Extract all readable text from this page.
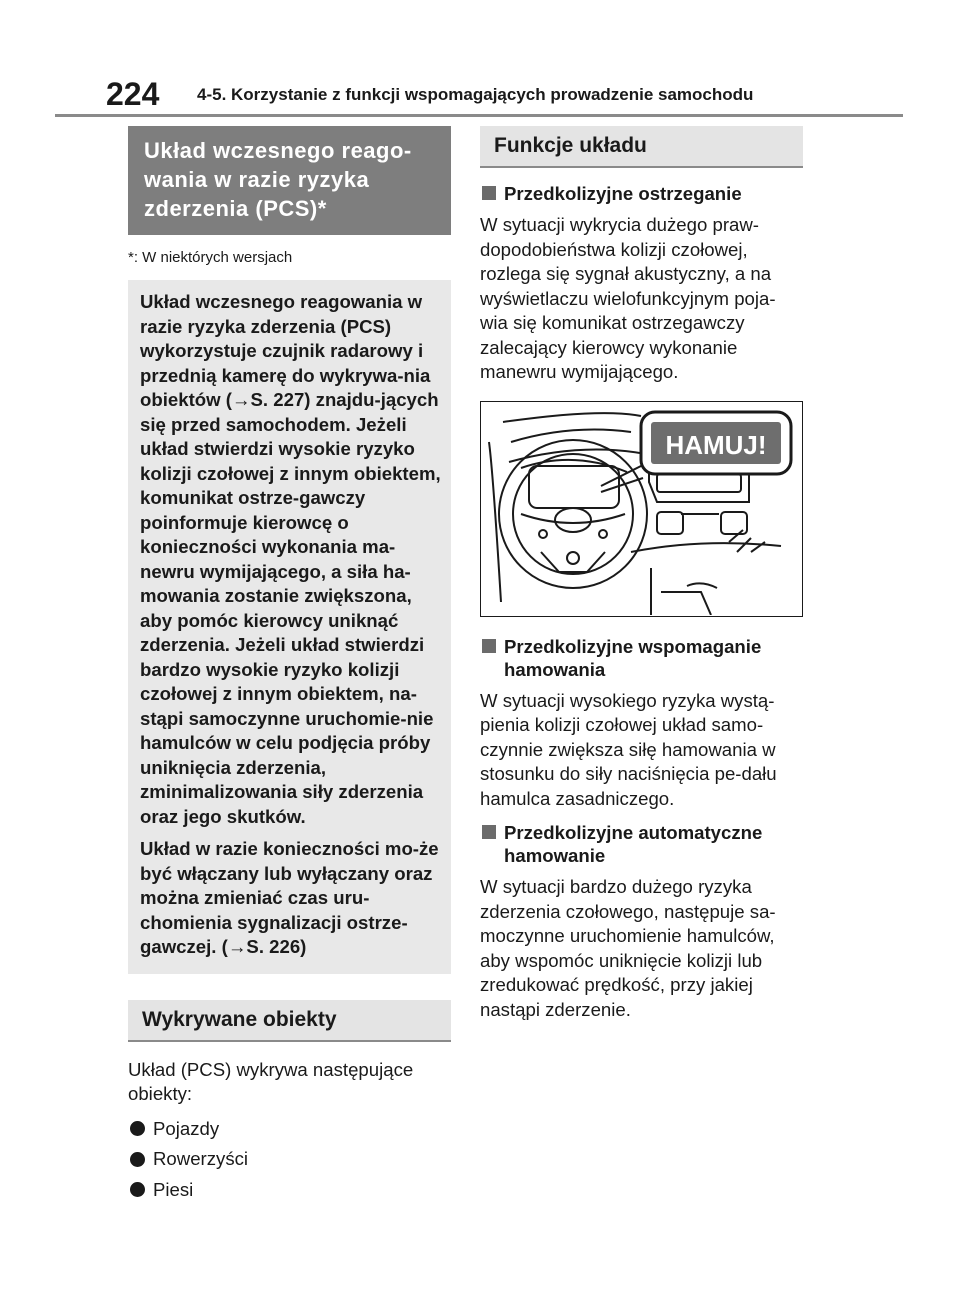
224 4-5. Korzystanie z funkcji wspomagających prowadzenie samochodu
Układ wczesnego reago-wania w razie ryzyka zderzenia (PCS)*
*: W niektórych wersjach

Układ wczesnego reagowania w razie ryzyka zderzenia (PCS) wykorzystuje czujnik radarowy i przednią kamerę do wykrywa-nia obiektów (→S. 227) znajdu-jących się przed samochodem. Jeżeli układ stwierdzi wysokie ryzyko kolizji czołowej z innym obiektem, komunikat ostrze-gawczy poinformuje kierowcę o konieczności wykonania ma-newru wymijającego, a siła ha-mowania zostanie zwiększona, aby pomóc kierowcy uniknąć zderzenia. Jeżeli układ stwierdzi bardzo wysokie ryzyko kolizji czołowej z innym obiektem, na-stąpi samoczynne uruchomie-nie hamulców w celu podjęcia próby uniknięcia zderzenia, zminimalizowania siły zderzenia oraz jego skutków.

Układ w razie konieczności mo-że być włączany lub wyłączany oraz można zmieniać czas uru-chomienia sygnalizacji ostrze-gawczej. (→S. 226)

Wykrywane obiekty

Układ (PCS) wykrywa następujące obiekty:

Pojazdy
Rowerzyści
Piesi
Funkcje układu
Przedkolizyjne ostrzeganie

W sytuacji wykrycia dużego praw-dopodobieństwa kolizji czołowej, rozlega się sygnał akustyczny, a na wyświetlaczu wielofunkcyjnym poja-wia się komunikat ostrzegawczy zalecający kierowcy wykonanie manewru wymijającego.

HAMUJ!
Przedkolizyjne wspomaganie hamowania

W sytuacji wysokiego ryzyka wystą-pienia kolizji czołowej układ samo-czynnie zwiększa siłę hamowania w stosunku do siły naciśnięcia pe-dału hamulca zasadniczego.

Przedkolizyjne automatyczne hamowanie

W sytuacji bardzo dużego ryzyka zderzenia czołowego, następuje sa-moczynne uruchomienie hamulców, aby wspomóc uniknięcie kolizji lub zredukować prędkość, przy jakiej nastąpi zderzenie.
